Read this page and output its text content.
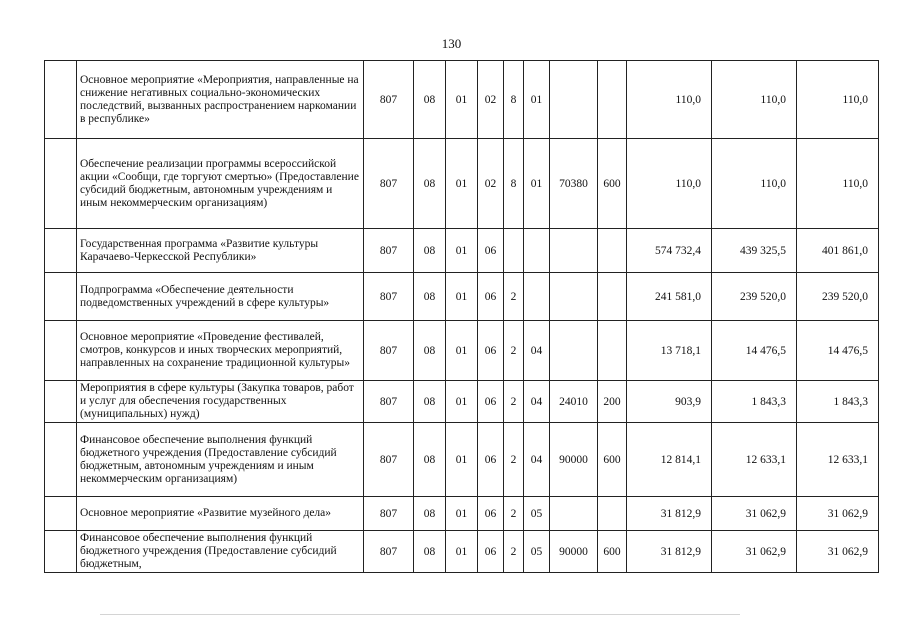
130
	Основное мероприятие «Мероприятия, направленные на снижение негативных социально-экономических последствий, вызванных распространением наркомании в республике»	807	08	01	02	8	01			110,0	110,0	110,0
	Обеспечение реализации программы всероссийской акции «Сообщи, где торгуют смертью» (Предоставление субсидий бюджетным, автономным учреждениям и иным некоммерческим организациям)	807	08	01	02	8	01	70380	600	110,0	110,0	110,0
	Государственная программа «Развитие культуры Карачаево-Черкесской Республики»	807	08	01	06					574 732,4	439 325,5	401 861,0
	Подпрограмма «Обеспечение деятельности подведомственных учреждений в сфере культуры»	807	08	01	06	2				241 581,0	239 520,0	239 520,0
	Основное мероприятие «Проведение фестивалей, смотров, конкурсов и иных творческих мероприятий, направленных на сохранение традиционной культуры»	807	08	01	06	2	04			13 718,1	14 476,5	14 476,5
	Мероприятия в сфере культуры (Закупка товаров, работ и услуг для обеспечения государственных (муниципальных) нужд)	807	08	01	06	2	04	24010	200	903,9	1 843,3	1 843,3
	Финансовое обеспечение выполнения функций бюджетного учреждения (Предоставление субсидий бюджетным, автономным учреждениям и иным некоммерческим организациям)	807	08	01	06	2	04	90000	600	12 814,1	12 633,1	12 633,1
	Основное мероприятие «Развитие музейного дела»	807	08	01	06	2	05			31 812,9	31 062,9	31 062,9
	Финансовое обеспечение выполнения функций бюджетного учреждения (Предоставление субсидий бюджетным,	807	08	01	06	2	05	90000	600	31 812,9	31 062,9	31 062,9
